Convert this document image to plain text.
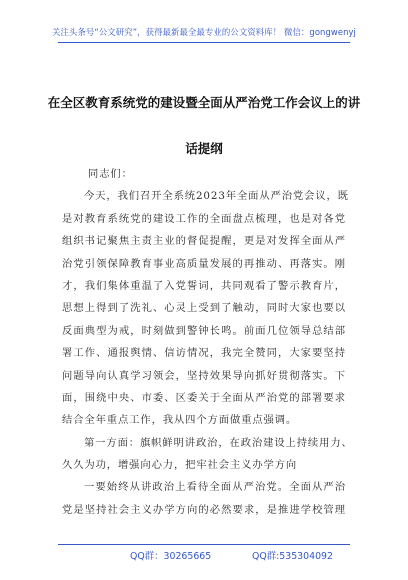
关注头条号“公文研究”，获得最新最全最专业的公文资料库！ 微信：gongwenyj
在全区教育系统党的建设暨全面从严治党工作会议上的讲
话提纲
同志们：
今天，我们召开全系统2023年全面从严治党会议，既
是对教育系统党的建设工作的全面盘点梳理，也是对各党
组织书记聚焦主责主业的督促提醒，更是对发挥全面从严
治党引领保障教育事业高质量发展的再推动、再落实。刚
才，我们集体重温了入党誓词，共同观看了警示教育片，
思想上得到了洗礼、心灵上受到了触动，同时大家也要以
反面典型为戒，时刻做到警钟长鸣。前面几位领导总结部
署工作、通报舆情、信访情况，我完全赞同，大家要坚持
问题导向认真学习领会，坚持效果导向抓好贯彻落实。下
面，围绕中央、市委、区委关于全面从严治党的部署要求
结合全年重点工作，我从四个方面做重点强调。
第一方面：旗帜鲜明讲政治，在政治建设上持续用力、
久久为功，增强向心力，把牢社会主义办学方向
一要始终从讲政治上看待全面从严治党。全面从严治
党是坚持社会主义办学方向的必然要求，是推进学校管理
QQ群：30265665	QQ群:535304092
